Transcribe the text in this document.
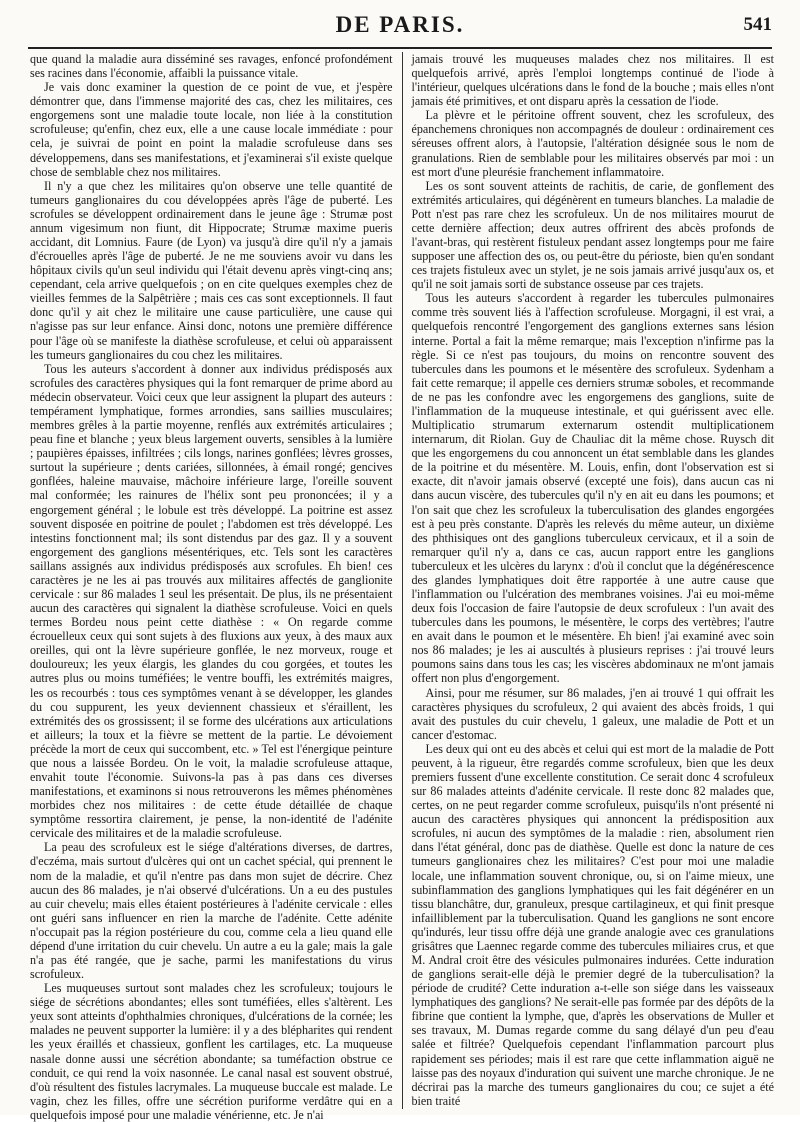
DE PARIS.	541

que quand la maladie aura disséminé ses ravages, enfoncé profondément ses racines dans l'économie, affaibli la puissance vitale.

Je vais donc examiner la question de ce point de vue, et j'espère démontrer que, dans l'immense majorité des cas, chez les militaires, ces engorgemens sont une maladie toute locale, non liée à la constitution scrofuleuse; qu'enfin, chez eux, elle a une cause locale immédiate : pour cela, je suivrai de point en point la maladie scrofuleuse dans ses développemens, dans ses manifestations, et j'examinerai s'il existe quelque chose de semblable chez nos militaires.

Il n'y a que chez les militaires qu'on observe une telle quantité de tumeurs ganglionaires du cou développées après l'âge de puberté. Les scrofules se développent ordinairement dans le jeune âge : Strumæ post annum vigesimum non fiunt, dit Hippocrate; Strumæ maxime pueris accidant, dit Lomnius. Faure (de Lyon) va jusqu'à dire qu'il n'y a jamais d'écrouelles après l'âge de puberté. Je ne me souviens avoir vu dans les hôpitaux civils qu'un seul individu qui l'était devenu après vingt-cinq ans; cependant, cela arrive quelquefois ; on en cite quelques exemples chez de vieilles femmes de la Salpêtrière ; mais ces cas sont exceptionnels. Il faut donc qu'il y ait chez le militaire une cause particulière, une cause qui n'agisse pas sur leur enfance. Ainsi donc, notons une première différence pour l'âge où se manifeste la diathèse scrofuleuse, et celui où apparaissent les tumeurs ganglionaires du cou chez les militaires.

Tous les auteurs s'accordent à donner aux individus prédisposés aux scrofules des caractères physiques qui la font remarquer de prime abord au médecin observateur. Voici ceux que leur assignent la plupart des auteurs : tempérament lymphatique, formes arrondies, sans saillies musculaires; membres grêles à la partie moyenne, renflés aux extrémités articulaires ; peau fine et blanche ; yeux bleus largement ouverts, sensibles à la lumière ; paupières épaisses, infiltrées ; cils longs, narines gonflées; lèvres grosses, surtout la supérieure ; dents cariées, sillonnées, à émail rongé; gencives gonflées, haleine mauvaise, mâchoire inférieure large, l'oreille souvent mal conformée; les rainures de l'hélix sont peu prononcées; il y a engorgement général ; le lobule est très développé. La poitrine est assez souvent disposée en poitrine de poulet ; l'abdomen est très développé. Les intestins fonctionnent mal; ils sont distendus par des gaz. Il y a souvent engorgement des ganglions mésentériques, etc. Tels sont les caractères saillans assignés aux individus prédisposés aux scrofules. Eh bien! ces caractères je ne les ai pas trouvés aux militaires affectés de ganglionite cervicale : sur 86 malades 1 seul les présentait. De plus, ils ne présentaient aucun des caractères qui signalent la diathèse scrofuleuse. Voici en quels termes Bordeu nous peint cette diathèse : « On regarde comme écrouelleux ceux qui sont sujets à des fluxions aux yeux, à des maux aux oreilles, qui ont la lèvre supérieure gonflée, le nez morveux, rouge et douloureux; les yeux élargis, les glandes du cou gorgées, et toutes les autres plus ou moins tuméfiées; le ventre bouffi, les extrémités maigres, les os recourbés : tous ces symptômes venant à se développer, les glandes du cou suppurent, les yeux deviennent chassieux et s'éraillent, les extrémités des os grossissent; il se forme des ulcérations aux articulations et ailleurs; la toux et la fièvre se mettent de la partie. Le dévoiement précède la mort de ceux qui succombent, etc. » Tel est l'énergique peinture que nous a laissée Bordeu. On le voit, la maladie scrofuleuse attaque, envahit toute l'économie. Suivons-la pas à pas dans ces diverses manifestations, et examinons si nous retrouverons les mêmes phénomènes morbides chez nos militaires : de cette étude détaillée de chaque symptôme ressortira clairement, je pense, la non-identité de l'adénite cervicale des militaires et de la maladie scrofuleuse.

La peau des scrofuleux est le siége d'altérations diverses, de dartres, d'eczéma, mais surtout d'ulcères qui ont un cachet spécial, qui prennent le nom de la maladie, et qu'il n'entre pas dans mon sujet de décrire. Chez aucun des 86 malades, je n'ai observé d'ulcérations. Un a eu des pustules au cuir chevelu; mais elles étaient postérieures à l'adénite cervicale : elles ont guéri sans influencer en rien la marche de l'adénite. Cette adénite n'occupait pas la région postérieure du cou, comme cela a lieu quand elle dépend d'une irritation du cuir chevelu. Un autre a eu la gale; mais la gale n'a pas été rangée, que je sache, parmi les manifestations du virus scrofuleux.

Les muqueuses surtout sont malades chez les scrofuleux; toujours le siége de sécrétions abondantes; elles sont tuméfiées, elles s'altèrent. Les yeux sont atteints d'ophthalmies chroniques, d'ulcérations de la cornée; les malades ne peuvent supporter la lumière: il y a des blépharites qui rendent les yeux éraillés et chassieux, gonflent les cartilages, etc. La muqueuse nasale donne aussi une sécrétion abondante; sa tuméfaction obstrue ce conduit, ce qui rend la voix nasonnée. Le canal nasal est souvent obstrué, d'où résultent des fistules lacrymales. La muqueuse buccale est malade. Le vagin, chez les filles, offre une sécrétion puriforme verdâtre qui en a quelquefois imposé pour une maladie vénérienne, etc. Je n'ai

jamais trouvé les muqueuses malades chez nos militaires. Il est quelquefois arrivé, après l'emploi longtemps continué de l'iode à l'intérieur, quelques ulcérations dans le fond de la bouche ; mais elles n'ont jamais été primitives, et ont disparu après la cessation de l'iode.

La plèvre et le péritoine offrent souvent, chez les scrofuleux, des épanchemens chroniques non accompagnés de douleur : ordinairement ces séreuses offrent alors, à l'autopsie, l'altération désignée sous le nom de granulations. Rien de semblable pour les militaires observés par moi : un est mort d'une pleurésie franchement inflammatoire.

Les os sont souvent atteints de rachitis, de carie, de gonflement des extrémités articulaires, qui dégénèrent en tumeurs blanches. La maladie de Pott n'est pas rare chez les scrofuleux. Un de nos militaires mourut de cette dernière affection; deux autres offrirent des abcès profonds de l'avant-bras, qui restèrent fistuleux pendant assez longtemps pour me faire supposer une affection des os, ou peut-être du périoste, bien qu'en sondant ces trajets fistuleux avec un stylet, je ne sois jamais arrivé jusqu'aux os, et qu'il ne soit jamais sorti de substance osseuse par ces trajets.

Tous les auteurs s'accordent à regarder les tubercules pulmonaires comme très souvent liés à l'affection scrofuleuse. Morgagni, il est vrai, a quelquefois rencontré l'engorgement des ganglions externes sans lésion interne. Portal a fait la même remarque; mais l'exception n'infirme pas la règle. Si ce n'est pas toujours, du moins on rencontre souvent des tubercules dans les poumons et le mésentère des scrofuleux. Sydenham a fait cette remarque; il appelle ces derniers strumæ soboles, et recommande de ne pas les confondre avec les engorgemens des ganglions, suite de l'inflammation de la muqueuse intestinale, et qui guérissent avec elle. Multiplicatio strumarum externarum ostendit multiplicationem internarum, dit Riolan. Guy de Chauliac dit la même chose. Ruysch dit que les engorgemens du cou annoncent un état semblable dans les glandes de la poitrine et du mésentère. M. Louis, enfin, dont l'observation est si exacte, dit n'avoir jamais observé (excepté une fois), dans aucun cas ni dans aucun viscère, des tubercules qu'il n'y en ait eu dans les poumons; et l'on sait que chez les scrofuleux la tuberculisation des glandes engorgées est à peu près constante. D'après les relevés du même auteur, un dixième des phthisiques ont des ganglions tuberculeux cervicaux, et il a soin de remarquer qu'il n'y a, dans ce cas, aucun rapport entre les ganglions tuberculeux et les ulcères du larynx : d'où il conclut que la dégénérescence des glandes lymphatiques doit être rapportée à une autre cause que l'inflammation ou l'ulcération des membranes voisines. J'ai eu moi-même deux fois l'occasion de faire l'autopsie de deux scrofuleux : l'un avait des tubercules dans les poumons, le mésentère, le corps des vertèbres; l'autre en avait dans le poumon et le mésentère. Eh bien! j'ai examiné avec soin nos 86 malades; je les ai auscultés à plusieurs reprises : j'ai trouvé leurs poumons sains dans tous les cas; les viscères abdominaux ne m'ont jamais offert non plus d'engorgement.

Ainsi, pour me résumer, sur 86 malades, j'en ai trouvé 1 qui offrait les caractères physiques du scrofuleux, 2 qui avaient des abcès froids, 1 qui avait des pustules du cuir chevelu, 1 galeux, une maladie de Pott et un cancer d'estomac.

Les deux qui ont eu des abcès et celui qui est mort de la maladie de Pott peuvent, à la rigueur, être regardés comme scrofuleux, bien que les deux premiers fussent d'une excellente constitution. Ce serait donc 4 scrofuleux sur 86 malades atteints d'adénite cervicale. Il reste donc 82 malades que, certes, on ne peut regarder comme scrofuleux, puisqu'ils n'ont présenté ni aucun des caractères physiques qui annoncent la prédisposition aux scrofules, ni aucun des symptômes de la maladie : rien, absolument rien dans l'état général, donc pas de diathèse. Quelle est donc la nature de ces tumeurs ganglionaires chez les militaires? C'est pour moi une maladie locale, une inflammation souvent chronique, ou, si on l'aime mieux, une subinflammation des ganglions lymphatiques qui les fait dégénérer en un tissu blanchâtre, dur, granuleux, presque cartilagineux, et qui finit presque infailliblement par la tuberculisation. Quand les ganglions ne sont encore qu'indurés, leur tissu offre déjà une grande analogie avec ces granulations grisâtres que Laennec regarde comme des tubercules miliaires crus, et que M. Andral croit être des vésicules pulmonaires indurées. Cette induration de ganglions serait-elle déjà le premier degré de la tuberculisation? la période de crudité? Cette induration a-t-elle son siége dans les vaisseaux lymphatiques des ganglions? Ne serait-elle pas formée par des dépôts de la fibrine que contient la lymphe, que, d'après les observations de Muller et ses travaux, M. Dumas regarde comme du sang délayé d'un peu d'eau salée et filtrée? Quelquefois cependant l'inflammation parcourt plus rapidement ses périodes; mais il est rare que cette inflammation aiguë ne laisse pas des noyaux d'induration qui suivent une marche chronique. Je ne décrirai pas la marche des tumeurs ganglionaires du cou; ce sujet a été bien traité
